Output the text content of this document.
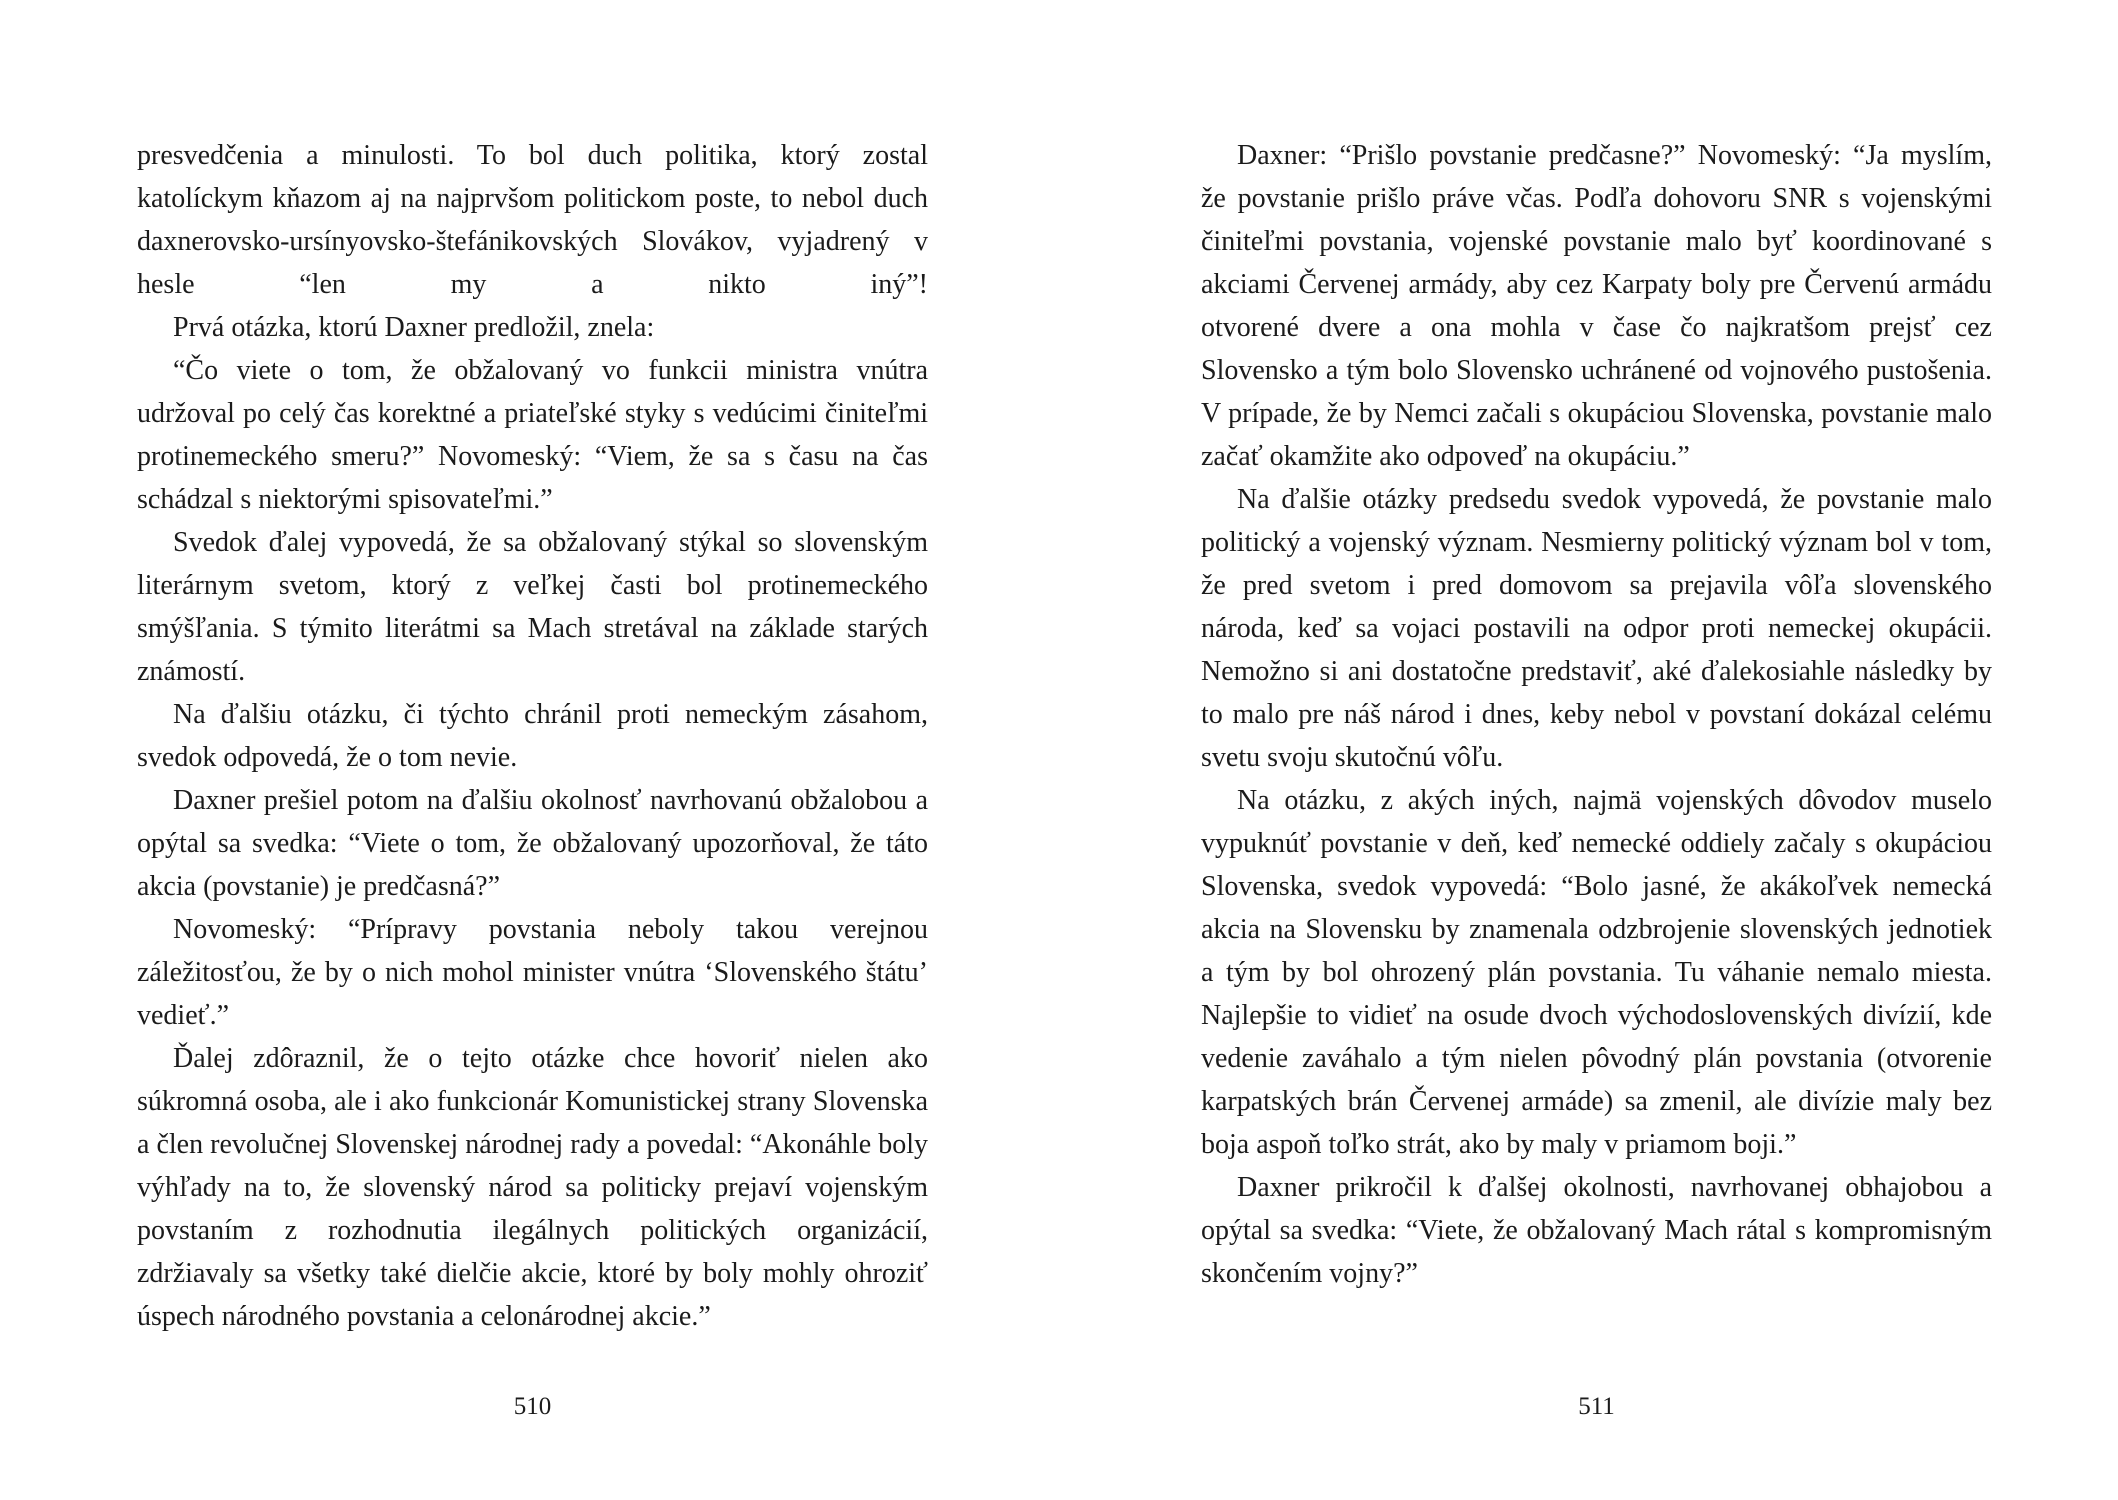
presvedčenia a minulosti. To bol duch politika, ktorý zostal katolíckym kňazom aj na najprvšom politickom poste, to nebol duch daxnerovsko-ursínyovsko-štefánikovských Slovákov, vyjadrený v hesle “len my a nikto iný”!

Prvá otázka, ktorú Daxner predložil, znela:

“Čo viete o tom, že obžalovaný vo funkcii ministra vnútra udržoval po celý čas korektné a priateľské styky s vedúcimi činiteľmi protinemeckého smeru?” Novomeský: “Viem, že sa s času na čas schádzal s niektorými spisovateľmi.”

Svedok ďalej vypovedá, že sa obžalovaný stýkal so slovenským literárnym svetom, ktorý z veľkej časti bol protinemeckého smýšľania. S týmito literátmi sa Mach stretával na základe starých známostí.

Na ďalšiu otázku, či týchto chránil proti nemeckým zásahom, svedok odpovedá, že o tom nevie.

Daxner prešiel potom na ďalšiu okolnosť navrhovanú obžalobou a opýtal sa svedka: “Viete o tom, že obžalovaný upozorňoval, že táto akcia (povstanie) je predčasná?”

Novomeský: “Prípravy povstania neboly takou verejnou záležitosťou, že by o nich mohol minister vnútra ‘Slovenského štátu’ vedieť.”

Ďalej zdôraznil, že o tejto otázke chce hovoriť nielen ako súkromná osoba, ale i ako funkcionár Komunistickej strany Slovenska a člen revolučnej Slovenskej národnej rady a povedal: “Akonáhle boly výhľady na to, že slovenský národ sa politicky prejaví vojenským povstaním z rozhodnutia ilegálnych politických organizácií, zdržiavaly sa všetky také dielčie akcie, ktoré by boly mohly ohroziť úspech národného povstania a celonárodnej akcie.”

510

Daxner: “Prišlo povstanie predčasne?” Novomeský: “Ja myslím, že povstanie prišlo práve včas. Podľa dohovoru SNR s vojenskými činiteľmi povstania, vojenské povstanie malo byť koordinované s akciami Červenej armády, aby cez Karpaty boly pre Červenú armádu otvorené dvere a ona mohla v čase čo najkratšom prejsť cez Slovensko a tým bolo Slovensko uchránené od vojnového pustošenia. V prípade, že by Nemci začali s okupáciou Slovenska, povstanie malo začať okamžite ako odpoveď na okupáciu.”

Na ďalšie otázky predsedu svedok vypovedá, že povstanie malo politický a vojenský význam. Nesmierny politický význam bol v tom, že pred svetom i pred domovom sa prejavila vôľa slovenského národa, keď sa vojaci postavili na odpor proti nemeckej okupácii. Nemožno si ani dostatočne predstaviť, aké ďalekosiahle následky by to malo pre náš národ i dnes, keby nebol v povstaní dokázal celému svetu svoju skutočnú vôľu.

Na otázku, z akých iných, najmä vojenských dôvodov muselo vypuknúť povstanie v deň, keď nemecké oddiely začaly s okupáciou Slovenska, svedok vypovedá: “Bolo jasné, že akákoľvek nemecká akcia na Slovensku by znamenala odzbrojenie slovenských jednotiek a tým by bol ohrozený plán povstania. Tu váhanie nemalo miesta. Najlepšie to vidieť na osude dvoch východoslovenských divízií, kde vedenie zaváhalo a tým nielen pôvodný plán povstania (otvorenie karpatských brán Červenej armáde) sa zmenil, ale divízie maly bez boja aspoň toľko strát, ako by maly v priamom boji.”

Daxner prikročil k ďalšej okolnosti, navrhovanej obhajobou a opýtal sa svedka: “Viete, že obžalovaný Mach rátal s kompromisným skončením vojny?”

511
